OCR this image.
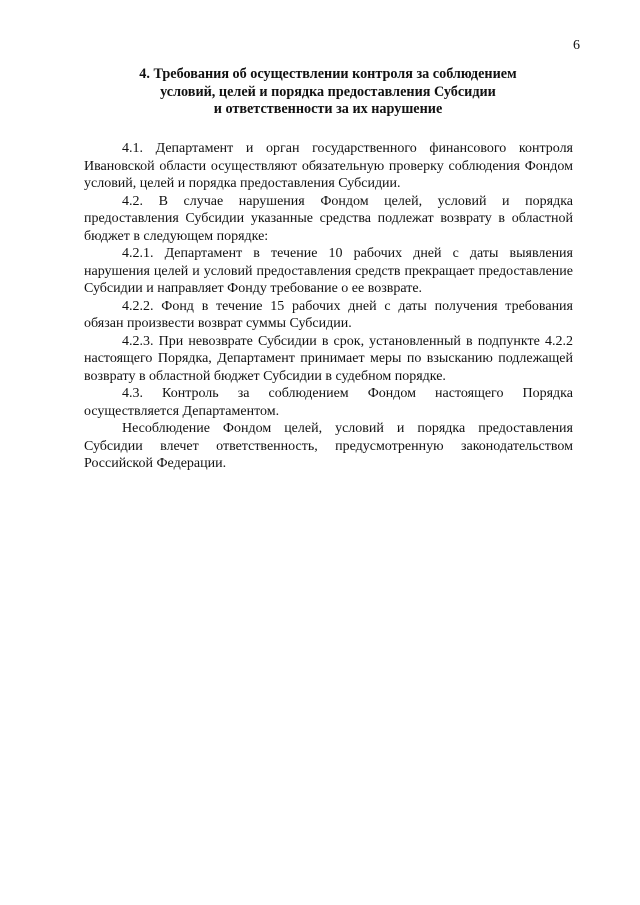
6
4. Требования об осуществлении контроля за соблюдением
условий, целей и порядка предоставления Субсидии
и ответственности за их нарушение

4.1. Департамент и орган государственного финансового контроля Ивановской области осуществляют обязательную проверку соблюдения Фондом условий, целей и порядка предоставления Субсидии.

4.2. В случае нарушения Фондом целей, условий и порядка предоставления Субсидии указанные средства подлежат возврату в областной бюджет в следующем порядке:

4.2.1. Департамент в течение 10 рабочих дней с даты выявления нарушения целей и условий предоставления средств прекращает предоставление Субсидии и направляет Фонду требование о ее возврате.

4.2.2. Фонд в течение 15 рабочих дней с даты получения требования обязан произвести возврат суммы Субсидии.

4.2.3. При невозврате Субсидии в срок, установленный в подпункте 4.2.2 настоящего Порядка, Департамент принимает меры по взысканию подлежащей возврату в областной бюджет Субсидии в судебном порядке.

4.3. Контроль за соблюдением Фондом настоящего Порядка осуществляется Департаментом.

Несоблюдение Фондом целей, условий и порядка предоставления Субсидии влечет ответственность, предусмотренную законодательством Российской Федерации.
